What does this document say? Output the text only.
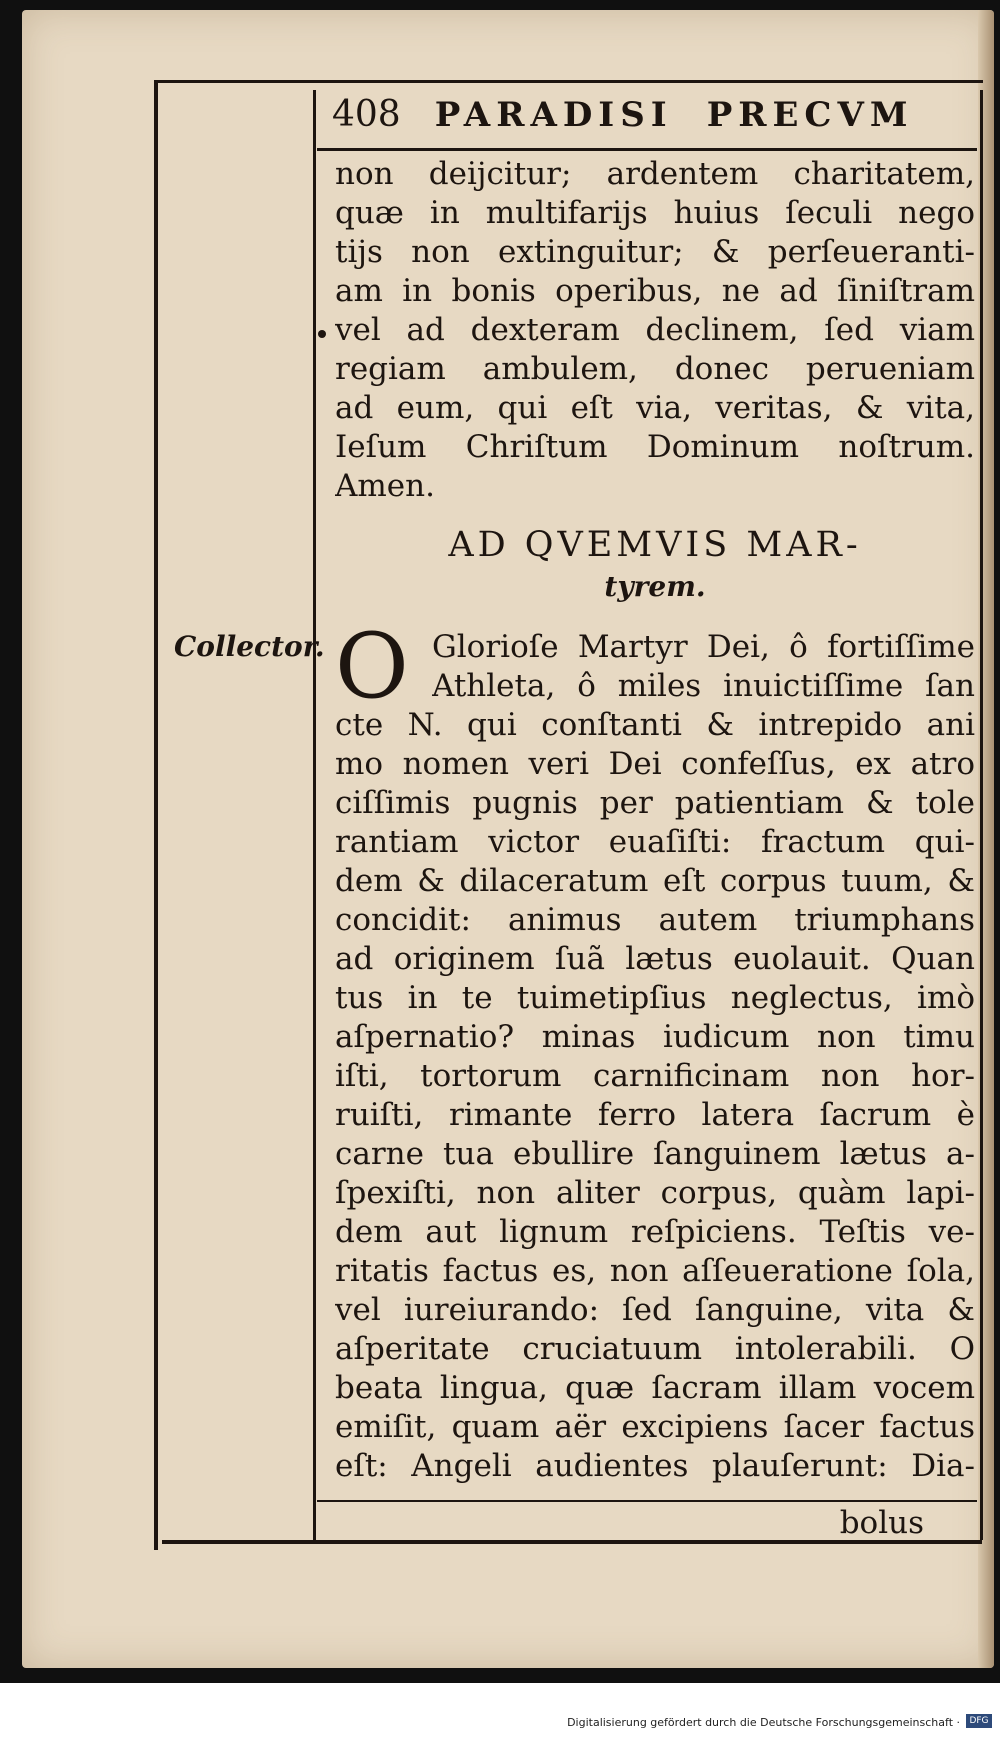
408 PARADISI PRECVM
non deijcitur; ardentem charitatem,
quæ in multifarijs huius ſeculi nego
tijs non extinguitur; & perſeueranti-
am in bonis operibus, ne ad ſiniſtram
vel ad dexteram declinem, ſed viam
regiam ambulem, donec perueniam
ad eum, qui eſt via, veritas, & vita,
Ieſum Chriſtum Dominum noſtrum.
Amen.
AD QVEMVIS MAR-
tyrem.
Collector. O Glorioſe Martyr Dei, ô fortiſſime
Athleta, ô miles inuictiſſime ſan
cte N. qui conſtanti & intrepido ani
mo nomen veri Dei confeſſus, ex atro
ciſſimis pugnis per patientiam & tole
rantiam victor euaſiſti: fractum qui-
dem & dilaceratum eſt corpus tuum, &
concidit: animus autem triumphans
ad originem ſuã lætus euolauit. Quan
tus in te tuimetipſius neglectus, imò
aſpernatio? minas iudicum non timu
iſti, tortorum carnificinam non hor-
ruiſti, rimante ferro latera ſacrum è
carne tua ebullire ſanguinem lætus a-
ſpexiſti, non aliter corpus, quàm lapi-
dem aut lignum reſpiciens. Teſtis ve-
ritatis factus es, non aſſeueratione ſola,
vel iureiurando: ſed ſanguine, vita &
aſperitate cruciatuum intolerabili. O
beata lingua, quæ ſacram illam vocem
emiſit, quam aër excipiens ſacer factus
eſt: Angeli audientes plauſerunt: Dia-
bolus
Digitalisierung gefördert durch die Deutsche Forschungsgemeinschaft ·	DFG
